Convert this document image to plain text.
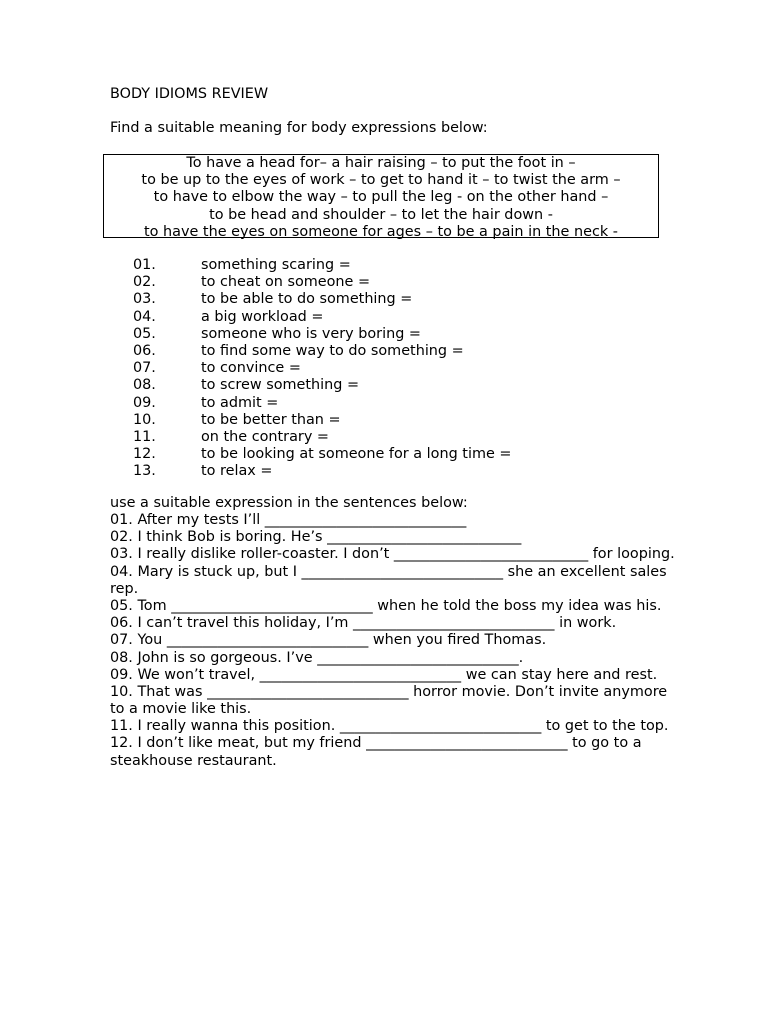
BODY IDIOMS REVIEW
Find a suitable meaning for body expressions below:
To have a head for– a hair raising – to put the foot in –
to be up to the eyes of work – to get to hand it – to twist the arm –
to have to elbow the way – to pull the leg - on the other hand –
to be head and shoulder – to let the hair down -
to have the eyes on someone for ages – to be a pain in the neck -
01.	something scaring =
02.	to cheat on someone =
03.	to be able to do something =
04.	a big workload =
05.	someone who is very boring =
06.	to find some way to do something =
07.	to convince =
08.	to screw something =
09.	to admit =
10.	to be better than =
11.	on the contrary =
12.	to be looking at someone for a long time =
13.	to relax =
use a suitable expression in the sentences below:
01. After my tests I’ll ____________________________
02. I think Bob is boring. He’s ___________________________
03. I really dislike roller-coaster. I don’t ___________________________ for looping.
04. Mary is stuck up, but I ____________________________ she an excellent sales
rep.
05. Tom ____________________________ when he told the boss my idea was his.
06. I can’t travel this holiday, I’m ____________________________ in work.
07. You ____________________________ when you fired Thomas.
08. John is so gorgeous. I’ve ____________________________.
09. We won’t travel, ____________________________ we can stay here and rest.
10. That was ____________________________ horror movie. Don’t invite anymore
to a movie like this.
11. I really wanna this position. ____________________________ to get to the top.
12. I don’t like meat, but my friend ____________________________ to go to a
steakhouse restaurant.
